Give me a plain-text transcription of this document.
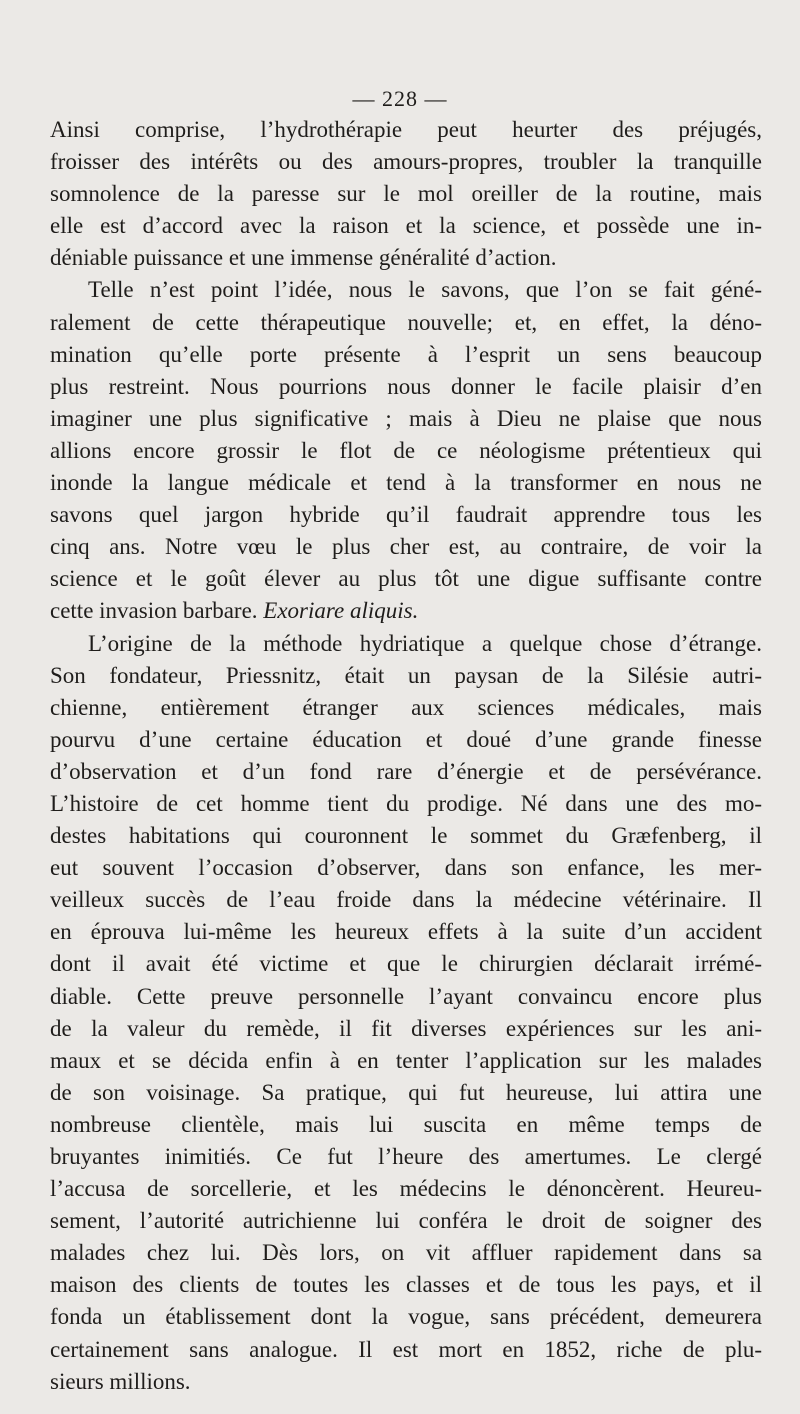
— 228 —
Ainsi comprise, l’hydrothérapie peut heurter des préjugés,
froisser des intérêts ou des amours-propres, troubler la tranquille
somnolence de la paresse sur le mol oreiller de la routine, mais
elle est d’accord avec la raison et la science, et possède une in-
déniable puissance et une immense généralité d’action.
Telle n’est point l’idée, nous le savons, que l’on se fait géné-
ralement de cette thérapeutique nouvelle; et, en effet, la déno-
mination qu’elle porte présente à l’esprit un sens beaucoup
plus restreint. Nous pourrions nous donner le facile plaisir d’en
imaginer une plus significative ; mais à Dieu ne plaise que nous
allions encore grossir le flot de ce néologisme prétentieux qui
inonde la langue médicale et tend à la transformer en nous ne
savons quel jargon hybride qu’il faudrait apprendre tous les
cinq ans. Notre vœu le plus cher est, au contraire, de voir la
science et le goût élever au plus tôt une digue suffisante contre
cette invasion barbare. Exoriare aliquis.
L’origine de la méthode hydriatique a quelque chose d’étrange.
Son fondateur, Priessnitz, était un paysan de la Silésie autri-
chienne, entièrement étranger aux sciences médicales, mais
pourvu d’une certaine éducation et doué d’une grande finesse
d’observation et d’un fond rare d’énergie et de persévérance.
L’histoire de cet homme tient du prodige. Né dans une des mo-
destes habitations qui couronnent le sommet du Græfenberg, il
eut souvent l’occasion d’observer, dans son enfance, les mer-
veilleux succès de l’eau froide dans la médecine vétérinaire. Il
en éprouva lui-même les heureux effets à la suite d’un accident
dont il avait été victime et que le chirurgien déclarait irrémé-
diable. Cette preuve personnelle l’ayant convaincu encore plus
de la valeur du remède, il fit diverses expériences sur les ani-
maux et se décida enfin à en tenter l’application sur les malades
de son voisinage. Sa pratique, qui fut heureuse, lui attira une
nombreuse clientèle, mais lui suscita en même temps de
bruyantes inimitiés. Ce fut l’heure des amertumes. Le clergé
l’accusa de sorcellerie, et les médecins le dénoncèrent. Heureu-
sement, l’autorité autrichienne lui conféra le droit de soigner des
malades chez lui. Dès lors, on vit affluer rapidement dans sa
maison des clients de toutes les classes et de tous les pays, et il
fonda un établissement dont la vogue, sans précédent, demeurera
certainement sans analogue. Il est mort en 1852, riche de plu-
sieurs millions.
